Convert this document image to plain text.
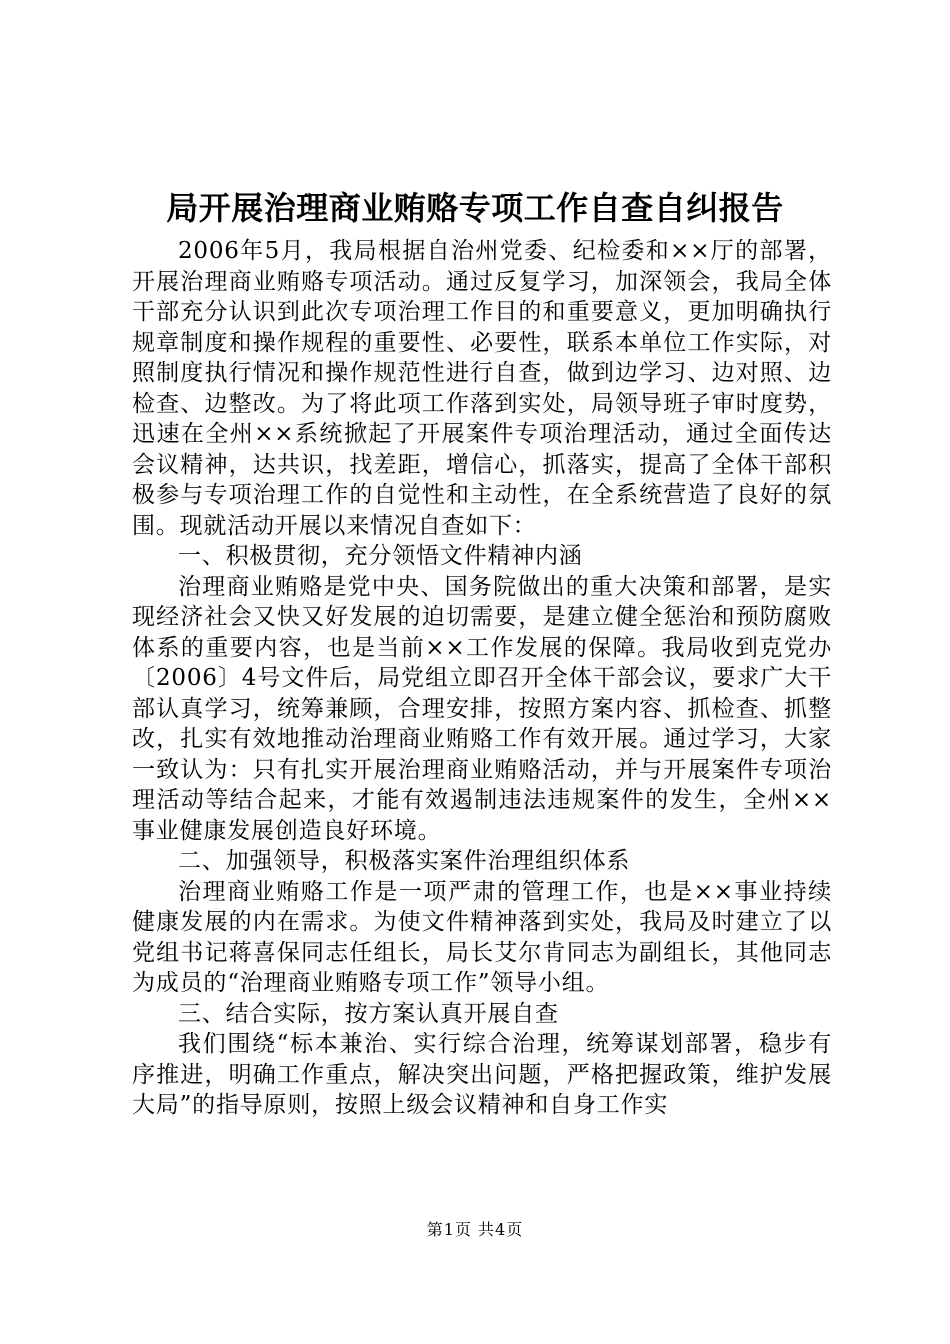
局开展治理商业贿赂专项工作自查自纠报告

2006年5月，我局根据自治州党委、纪检委和××厅的部署，开展治理商业贿赂专项活动。通过反复学习，加深领会，我局全体干部充分认识到此次专项治理工作目的和重要意义，更加明确执行规章制度和操作规程的重要性、必要性，联系本单位工作实际，对照制度执行情况和操作规范性进行自查，做到边学习、边对照、边检查、边整改。为了将此项工作落到实处，局领导班子审时度势，迅速在全州××系统掀起了开展案件专项治理活动，通过全面传达会议精神，达共识，找差距，增信心，抓落实，提高了全体干部积极参与专项治理工作的自觉性和主动性，在全系统营造了良好的氛围。现就活动开展以来情况自查如下：

一、积极贯彻，充分领悟文件精神内涵

治理商业贿赂是党中央、国务院做出的重大决策和部署，是实现经济社会又快又好发展的迫切需要，是建立健全惩治和预防腐败体系的重要内容，也是当前××工作发展的保障。我局收到克党办〔2006〕4号文件后，局党组立即召开全体干部会议，要求广大干部认真学习，统筹兼顾，合理安排，按照方案内容、抓检查、抓整改，扎实有效地推动治理商业贿赂工作有效开展。通过学习，大家一致认为：只有扎实开展治理商业贿赂活动，并与开展案件专项治理活动等结合起来，才能有效遏制违法违规案件的发生，全州××事业健康发展创造良好环境。

二、加强领导，积极落实案件治理组织体系

治理商业贿赂工作是一项严肃的管理工作，也是××事业持续健康发展的内在需求。为使文件精神落到实处，我局及时建立了以党组书记蒋喜保同志任组长，局长艾尔肯同志为副组长，其他同志为成员的“治理商业贿赂专项工作”领导小组。

三、结合实际，按方案认真开展自查

我们围绕“标本兼治、实行综合治理，统筹谋划部署，稳步有序推进，明确工作重点，解决突出问题，严格把握政策，维护发展大局”的指导原则，按照上级会议精神和自身工作实

第1页 共4页
